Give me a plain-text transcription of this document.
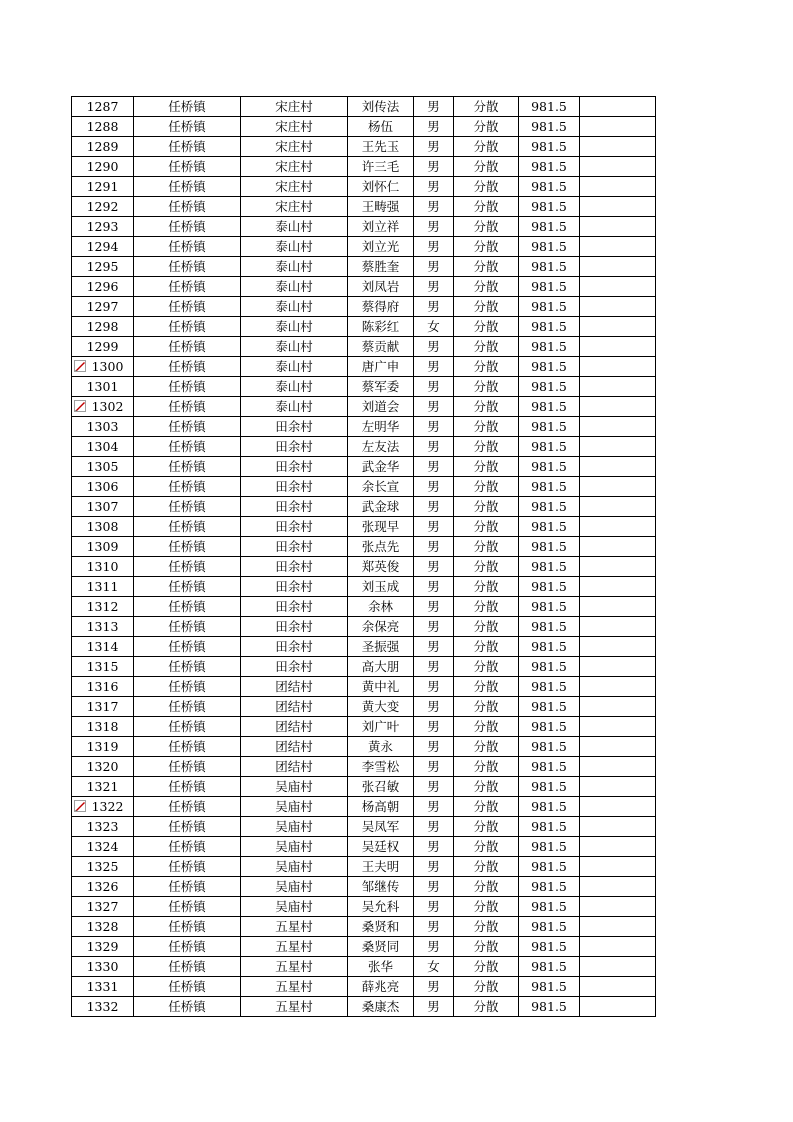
1287	任桥镇	宋庄村	刘传法	男	分散	981.5	
1288	任桥镇	宋庄村	杨伍	男	分散	981.5	
1289	任桥镇	宋庄村	王先玉	男	分散	981.5	
1290	任桥镇	宋庄村	许三毛	男	分散	981.5	
1291	任桥镇	宋庄村	刘怀仁	男	分散	981.5	
1292	任桥镇	宋庄村	王畴强	男	分散	981.5	
1293	任桥镇	泰山村	刘立祥	男	分散	981.5	
1294	任桥镇	泰山村	刘立光	男	分散	981.5	
1295	任桥镇	泰山村	蔡胜奎	男	分散	981.5	
1296	任桥镇	泰山村	刘凤岩	男	分散	981.5	
1297	任桥镇	泰山村	蔡得府	男	分散	981.5	
1298	任桥镇	泰山村	陈彩红	女	分散	981.5	
1299	任桥镇	泰山村	蔡贡献	男	分散	981.5	

1300	任桥镇	泰山村	唐广申	男	分散	981.5	
1301	任桥镇	泰山村	蔡军委	男	分散	981.5	

1302	任桥镇	泰山村	刘道会	男	分散	981.5	
1303	任桥镇	田余村	左明华	男	分散	981.5	
1304	任桥镇	田余村	左友法	男	分散	981.5	
1305	任桥镇	田余村	武金华	男	分散	981.5	
1306	任桥镇	田余村	余长宣	男	分散	981.5	
1307	任桥镇	田余村	武金球	男	分散	981.5	
1308	任桥镇	田余村	张现早	男	分散	981.5	
1309	任桥镇	田余村	张点先	男	分散	981.5	
1310	任桥镇	田余村	郑英俊	男	分散	981.5	
1311	任桥镇	田余村	刘玉成	男	分散	981.5	
1312	任桥镇	田余村	余林	男	分散	981.5	
1313	任桥镇	田余村	余保亮	男	分散	981.5	
1314	任桥镇	田余村	圣振强	男	分散	981.5	
1315	任桥镇	田余村	高大朋	男	分散	981.5	
1316	任桥镇	团结村	黄中礼	男	分散	981.5	
1317	任桥镇	团结村	黄大变	男	分散	981.5	
1318	任桥镇	团结村	刘广叶	男	分散	981.5	
1319	任桥镇	团结村	黄永	男	分散	981.5	
1320	任桥镇	团结村	李雪松	男	分散	981.5	
1321	任桥镇	吴庙村	张召敏	男	分散	981.5	

1322	任桥镇	吴庙村	杨高朝	男	分散	981.5	
1323	任桥镇	吴庙村	吴凤军	男	分散	981.5	
1324	任桥镇	吴庙村	吴廷权	男	分散	981.5	
1325	任桥镇	吴庙村	王夫明	男	分散	981.5	
1326	任桥镇	吴庙村	邹继传	男	分散	981.5	
1327	任桥镇	吴庙村	吴允科	男	分散	981.5	
1328	任桥镇	五星村	桑贤和	男	分散	981.5	
1329	任桥镇	五星村	桑贤同	男	分散	981.5	
1330	任桥镇	五星村	张华	女	分散	981.5	
1331	任桥镇	五星村	薛兆亮	男	分散	981.5	
1332	任桥镇	五星村	桑康杰	男	分散	981.5	
